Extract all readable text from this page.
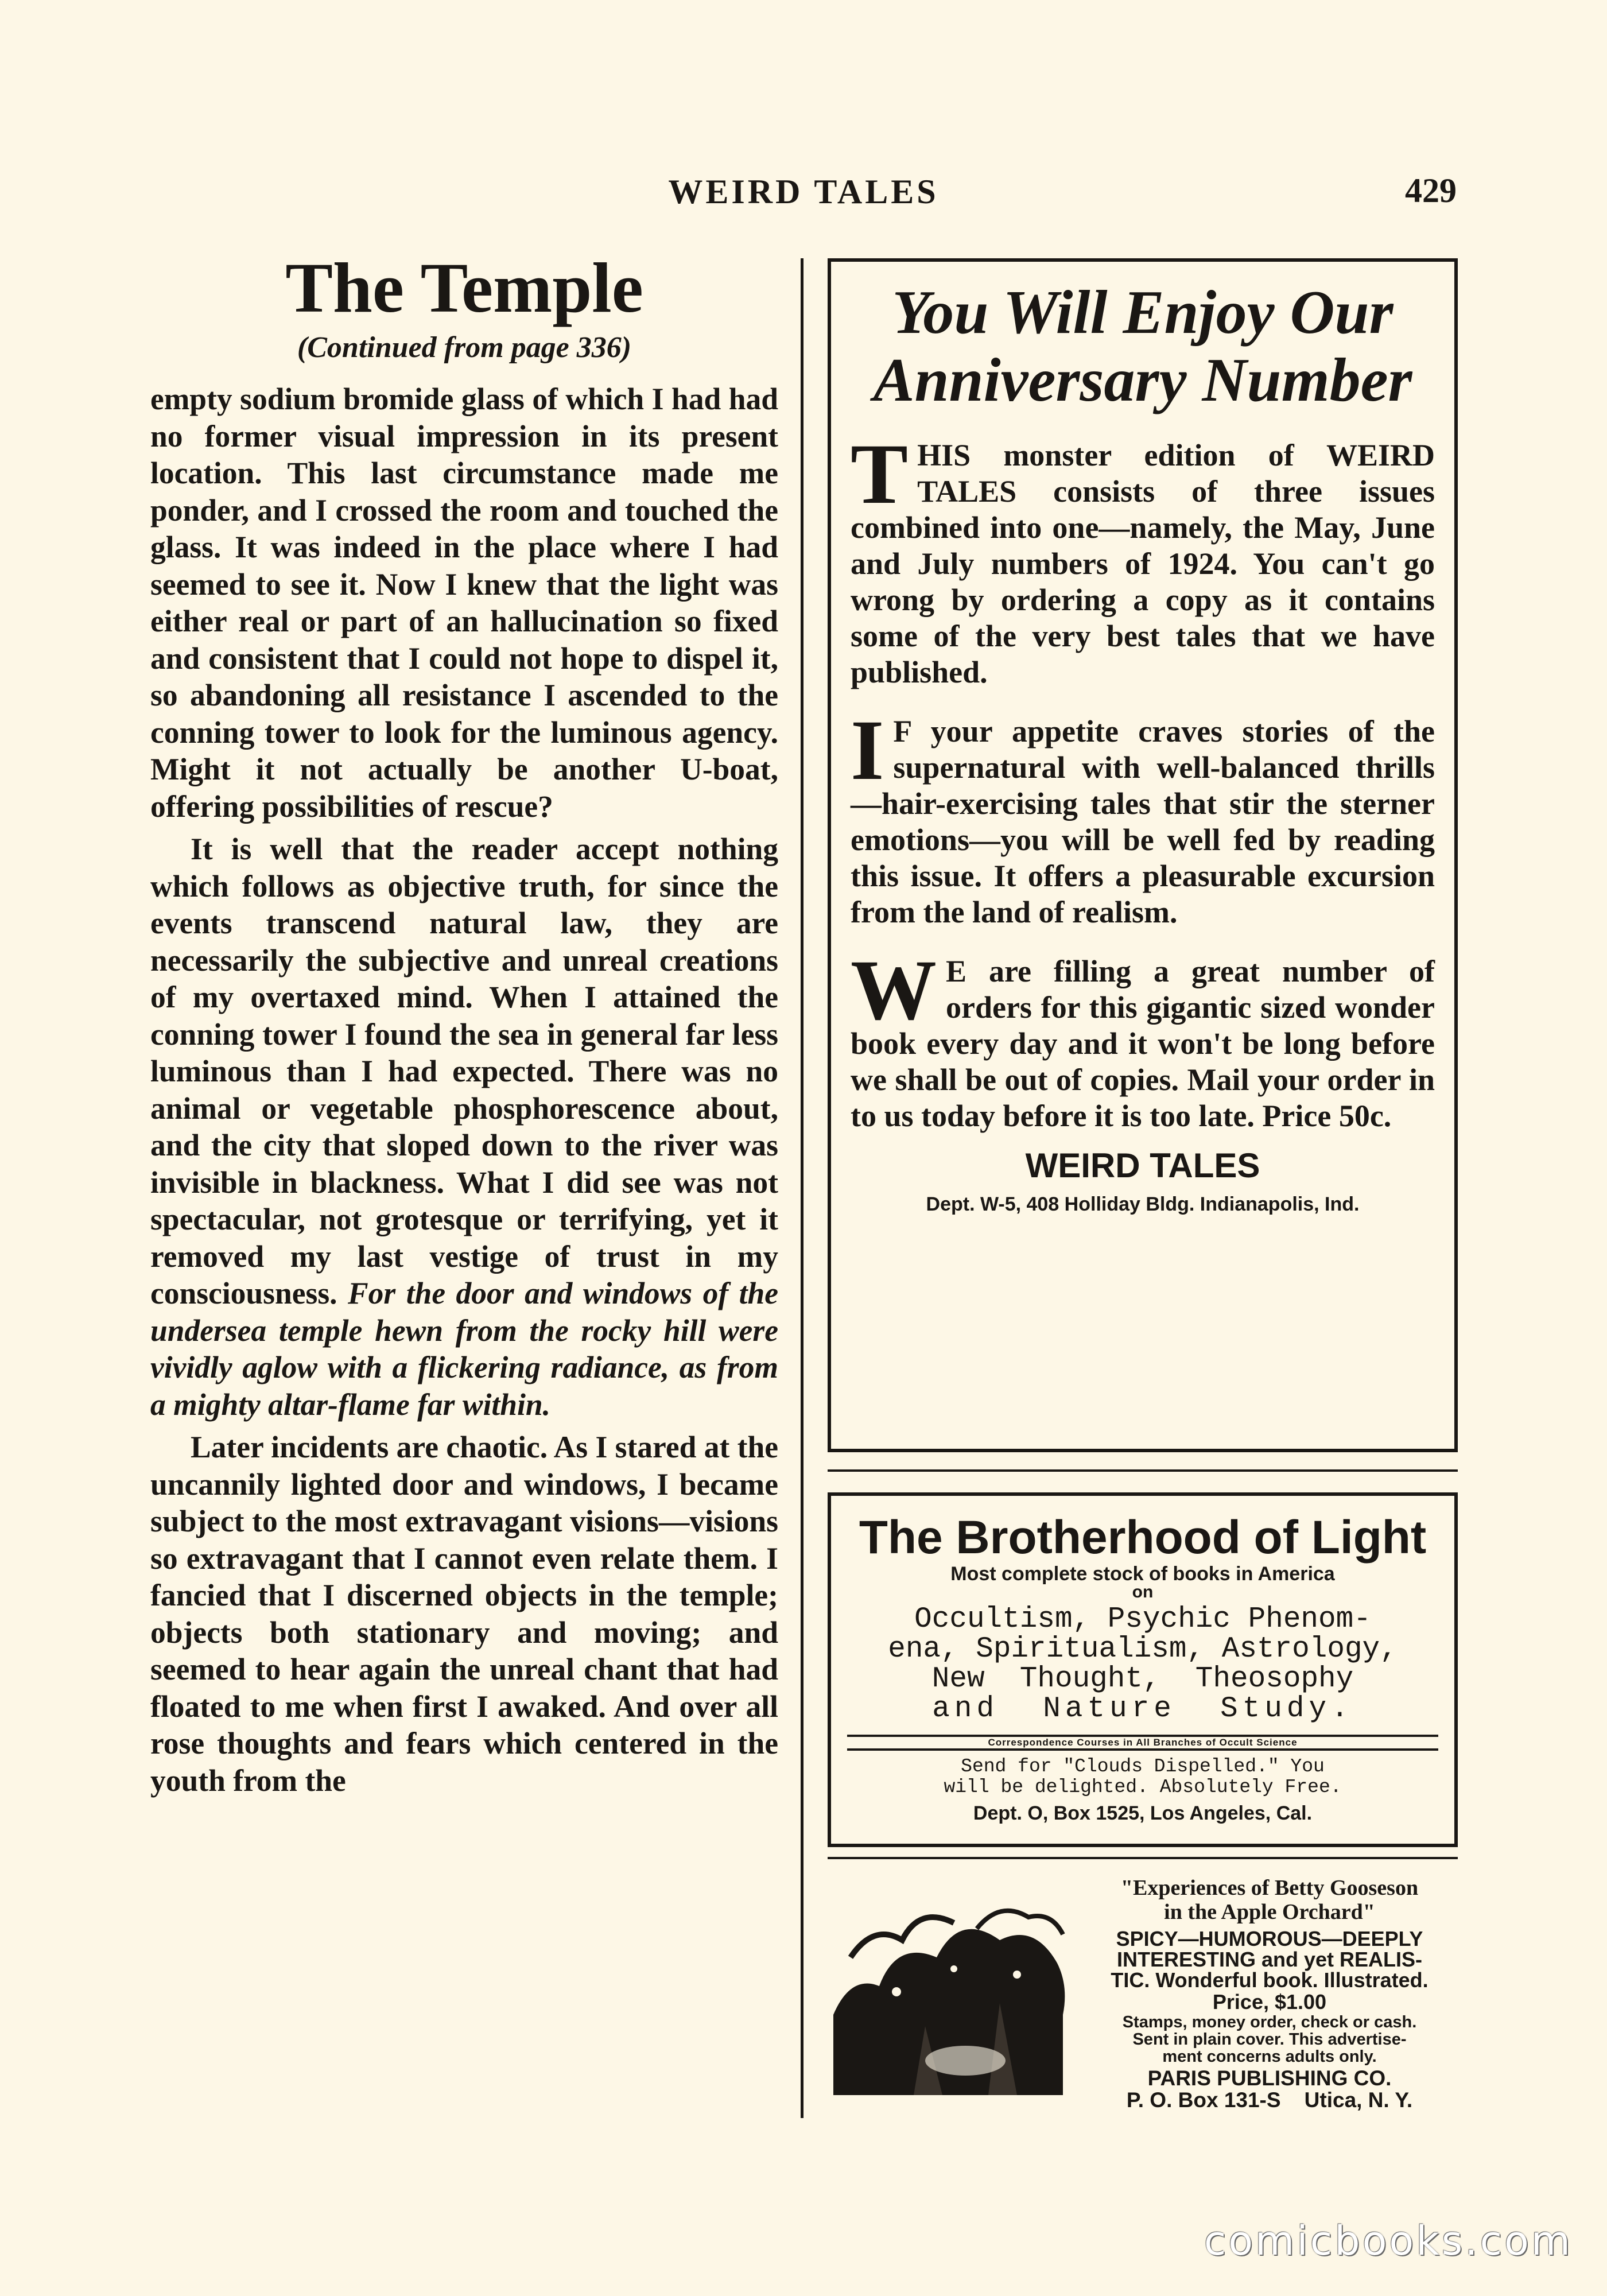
WEIRD TALES	429
The Temple
(Continued from page 336)

empty sodium bromide glass of which I had had no former visual impression in its present location. This last circumstance made me ponder, and I crossed the room and touched the glass. It was indeed in the place where I had seemed to see it. Now I knew that the light was either real or part of an hallucination so fixed and consistent that I could not hope to dispel it, so abandoning all resistance I ascended to the conning tower to look for the luminous agency. Might it not actually be another U-boat, offering possibilities of rescue?

It is well that the reader accept nothing which follows as objective truth, for since the events transcend natural law, they are necessarily the subjective and unreal creations of my overtaxed mind. When I attained the conning tower I found the sea in general far less luminous than I had expected. There was no animal or vegetable phosphorescence about, and the city that sloped down to the river was invisible in blackness. What I did see was not spectacular, not grotesque or terrifying, yet it removed my last vestige of trust in my consciousness. For the door and windows of the undersea temple hewn from the rocky hill were vividly aglow with a flickering radiance, as from a mighty altar-flame far within.

Later incidents are chaotic. As I stared at the uncannily lighted door and windows, I became subject to the most extravagant visions—visions so extravagant that I cannot even relate them. I fancied that I discerned objects in the temple; objects both stationary and moving; and seemed to hear again the unreal chant that had floated to me when first I awaked. And over all rose thoughts and fears which centered in the youth from the

You Will Enjoy Our Anniversary Number

THIS monster edition of WEIRD TALES consists of three issues combined into one—namely, the May, June and July numbers of 1924. You can't go wrong by ordering a copy as it contains some of the very best tales that we have published.

I F your appetite craves stories of the supernatural with well-balanced thrills—hair-exercising tales that stir the sterner emotions—you will be well fed by reading this issue. It offers a pleasurable excursion from the land of realism.

W E are filling a great number of orders for this gigantic sized wonder book every day and it won't be long before we shall be out of copies. Mail your order in to us today before it is too late. Price 50c.

WEIRD TALES
Dept. W-5, 408 Holliday Bldg. Indianapolis, Ind.
The Brotherhood of Light
Most complete stock of books in America
on
Occultism, Psychic Phenom-
ena, Spiritualism, Astrology,
New  Thought,  Theosophy
and  Nature  Study.
Correspondence Courses in All Branches of Occult Science
Send for "Clouds Dispelled." You
will be delighted. Absolutely Free.
Dept. O, Box 1525, Los Angeles, Cal.
"Experiences of Betty Gooseson
in the Apple Orchard"
SPICY—HUMOROUS—DEEPLY
INTERESTING and yet REALIS-
TIC. Wonderful book. Illustrated.
Price, $1.00
Stamps, money order, check or cash.
Sent in plain cover. This advertise-
ment concerns adults only.
PARIS PUBLISHING CO.
P. O. Box 131-S    Utica, N. Y.
comicbooks.com
